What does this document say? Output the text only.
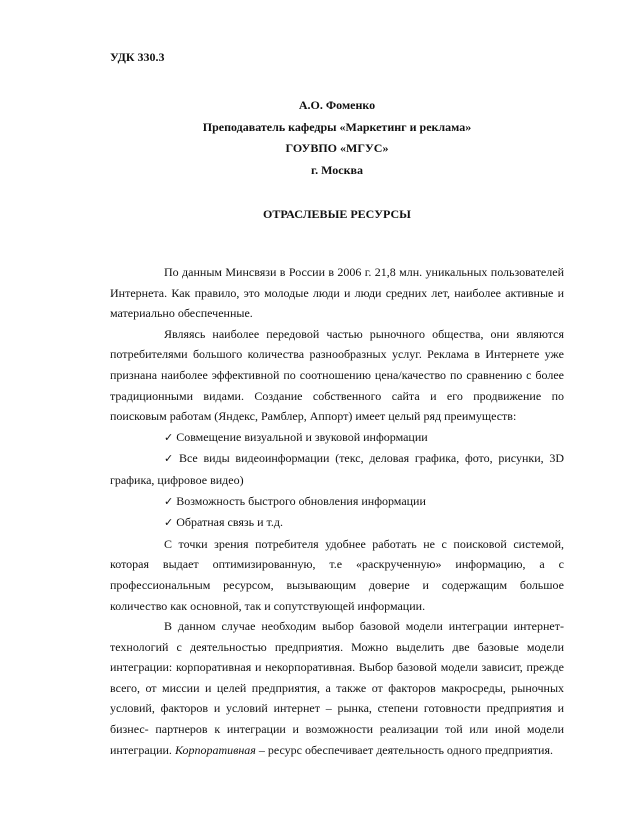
УДК 330.3
А.О. Фоменко
Преподаватель кафедры «Маркетинг и реклама»
ГОУВПО «МГУС»
г. Москва
ОТРАСЛЕВЫЕ РЕСУРСЫ

По данным Минсвязи в России в 2006 г. 21,8 млн. уникальных пользователей Интернета. Как правило, это молодые люди и люди средних лет, наиболее активные и материально обеспеченные.

Являясь наиболее передовой частью рыночного общества, они являются потребителями большого количества разнообразных услуг. Реклама в Интернете уже признана наиболее эффективной по соотношению цена/качество по сравнению с более традиционными видами. Создание собственного сайта и его продвижение по поисковым работам (Яндекс, Рамблер, Аппорт) имеет целый ряд преимуществ:

✓ Совмещение визуальной и звуковой информации

✓ Все виды видеоинформации (текс, деловая графика, фото, рисунки, 3D графика, цифровое видео)

✓ Возможность быстрого обновления информации

✓ Обратная связь и т.д.

С точки зрения потребителя удобнее работать не с поисковой системой, которая выдает оптимизированную, т.е «раскрученную» информацию, а с профессиональным ресурсом, вызывающим доверие и содержащим большое количество как основной, так и сопутствующей информации.

В данном случае необходим выбор базовой модели интеграции интернет-технологий с деятельностью предприятия. Можно выделить две базовые модели интеграции: корпоративная и некорпоративная. Выбор базовой модели зависит, прежде всего, от миссии и целей предприятия, а также от факторов макросреды, рыночных условий, факторов и условий интернет – рынка, степени готовности предприятия и бизнес- партнеров к интеграции и возможности реализации той или иной модели интеграции. Корпоративная – ресурс обеспечивает деятельность одного предприятия.
